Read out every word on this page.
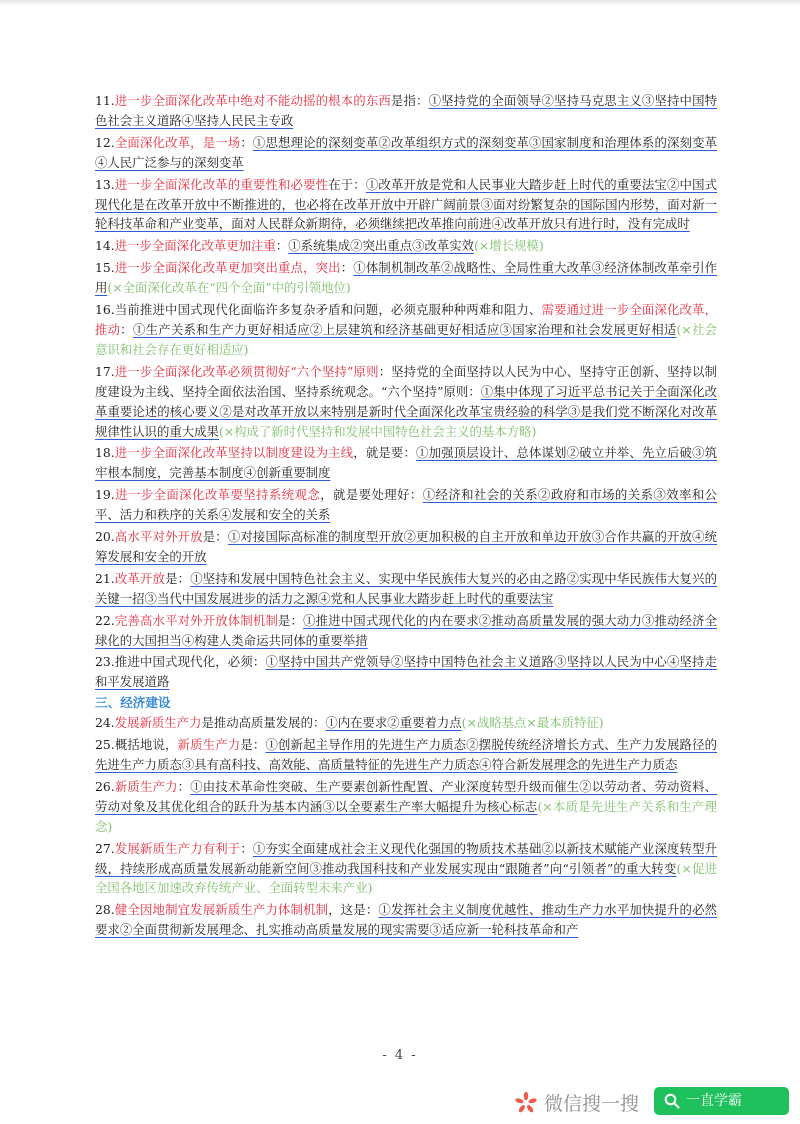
11.进一步全面深化改革中绝对不能动摇的根本的东西是指：①坚持党的全面领导②坚持马克思主义③坚持中国特色社会主义道路④坚持人民民主专政

12.全面深化改革，是一场：①思想理论的深刻变革②改革组织方式的深刻变革③国家制度和治理体系的深刻变革④人民广泛参与的深刻变革

13.进一步全面深化改革的重要性和必要性在于：①改革开放是党和人民事业大踏步赶上时代的重要法宝②中国式现代化是在改革开放中不断推进的，也必将在改革开放中开辟广阔前景③面对纷繁复杂的国际国内形势，面对新一轮科技革命和产业变革，面对人民群众新期待，必须继续把改革推向前进④改革开放只有进行时，没有完成时

14.进一步全面深化改革更加注重：①系统集成②突出重点③改革实效(×增长规模)

15.进一步全面深化改革更加突出重点，突出：①体制机制改革②战略性、全局性重大改革③经济体制改革牵引作用(×全面深化改革在“四个全面”中的引领地位)

16.当前推进中国式现代化面临许多复杂矛盾和问题，必须克服种种两难和阻力、需要通过进一步全面深化改革，推动：①生产关系和生产力更好相适应②上层建筑和经济基础更好相适应③国家治理和社会发展更好相适(×社会意识和社会存在更好相适应)

17.进一步全面深化改革必须贯彻好“六个坚持”原则：坚持党的全面坚持以人民为中心、坚持守正创新、坚持以制度建设为主线、坚持全面依法治国、坚持系统观念。“六个坚持”原则：①集中体现了习近平总书记关于全面深化改革重要论述的核心要义②是对改革开放以来特别是新时代全面深化改革宝贵经验的科学③是我们党不断深化对改革规律性认识的重大成果(×构成了新时代坚持和发展中国特色社会主义的基本方略)

18.进一步全面深化改革坚持以制度建设为主线，就是要：①加强顶层设计、总体谋划②破立并举、先立后破③筑牢根本制度，完善基本制度④创新重要制度

19.进一步全面深化改革要坚持系统观念，就是要处理好：①经济和社会的关系②政府和市场的关系③效率和公平、活力和秩序的关系④发展和安全的关系

20.高水平对外开放是：①对接国际高标准的制度型开放②更加积极的自主开放和单边开放③合作共赢的开放④统筹发展和安全的开放

21.改革开放是：①坚持和发展中国特色社会主义、实现中华民族伟大复兴的必由之路②实现中华民族伟大复兴的关键一招③当代中国发展进步的活力之源④党和人民事业大踏步赶上时代的重要法宝

22.完善高水平对外开放体制机制是：①推进中国式现代化的内在要求②推动高质量发展的强大动力③推动经济全球化的大国担当④构建人类命运共同体的重要举措

23.推进中国式现代化，必须：①坚持中国共产党领导②坚持中国特色社会主义道路③坚持以人民为中心④坚持走和平发展道路

三、经济建设

24.发展新质生产力是推动高质量发展的：①内在要求②重要着力点(×战略基点×最本质特征)

25.概括地说，新质生产力是：①创新起主导作用的先进生产力质态②摆脱传统经济增长方式、生产力发展路径的先进生产力质态③具有高科技、高效能、高质量特征的先进生产力质态④符合新发展理念的先进生产力质态

26.新质生产力：①由技术革命性突破、生产要素创新性配置、产业深度转型升级而催生②以劳动者、劳动资料、劳动对象及其优化组合的跃升为基本内涵③以全要素生产率大幅提升为核心标志(×本质是先进生产关系和生产理念)

27.发展新质生产力有利于：①夯实全面建成社会主义现代化强国的物质技术基础②以新技术赋能产业深度转型升级，持续形成高质量发展新动能新空间③推动我国科技和产业发展实现由“跟随者”向“引领者”的重大转变(×促进全国各地区加速改弃传统产业、全面转型未来产业)

28.健全因地制宜发展新质生产力体制机制，这是：①发挥社会主义制度优越性、推动生产力水平加快提升的必然要求②全面贯彻新发展理念、扎实推动高质量发展的现实需要③适应新一轮科技革命和产

- 4 -
微信搜一搜	一直学霸
